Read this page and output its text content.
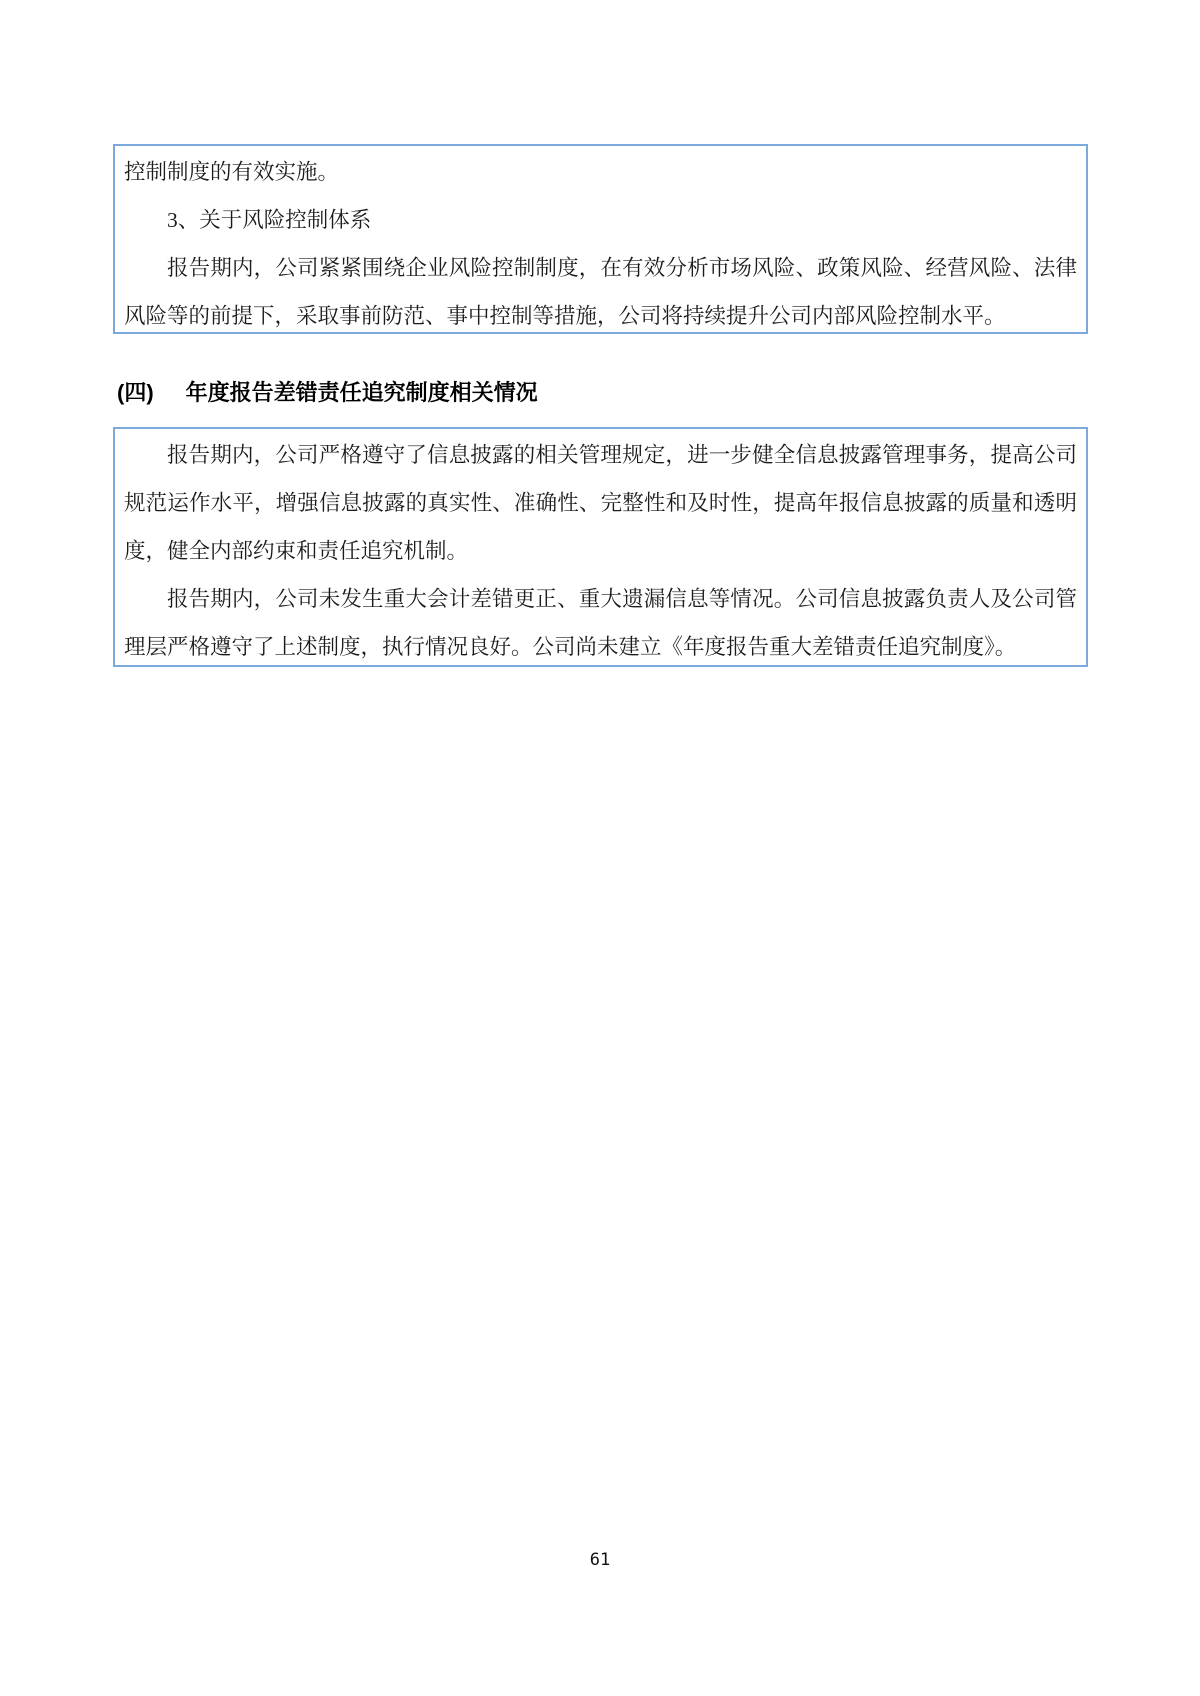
控制制度的有效实施。

3、关于风险控制体系

报告期内，公司紧紧围绕企业风险控制制度，在有效分析市场风险、政策风险、经营风险、法律风险等的前提下，采取事前防范、事中控制等措施，公司将持续提升公司内部风险控制水平。

(四) 年度报告差错责任追究制度相关情况

报告期内，公司严格遵守了信息披露的相关管理规定，进一步健全信息披露管理事务，提高公司规范运作水平，增强信息披露的真实性、准确性、完整性和及时性，提高年报信息披露的质量和透明度，健全内部约束和责任追究机制。

报告期内，公司未发生重大会计差错更正、重大遗漏信息等情况。公司信息披露负责人及公司管理层严格遵守了上述制度，执行情况良好。公司尚未建立《年度报告重大差错责任追究制度》。

61
